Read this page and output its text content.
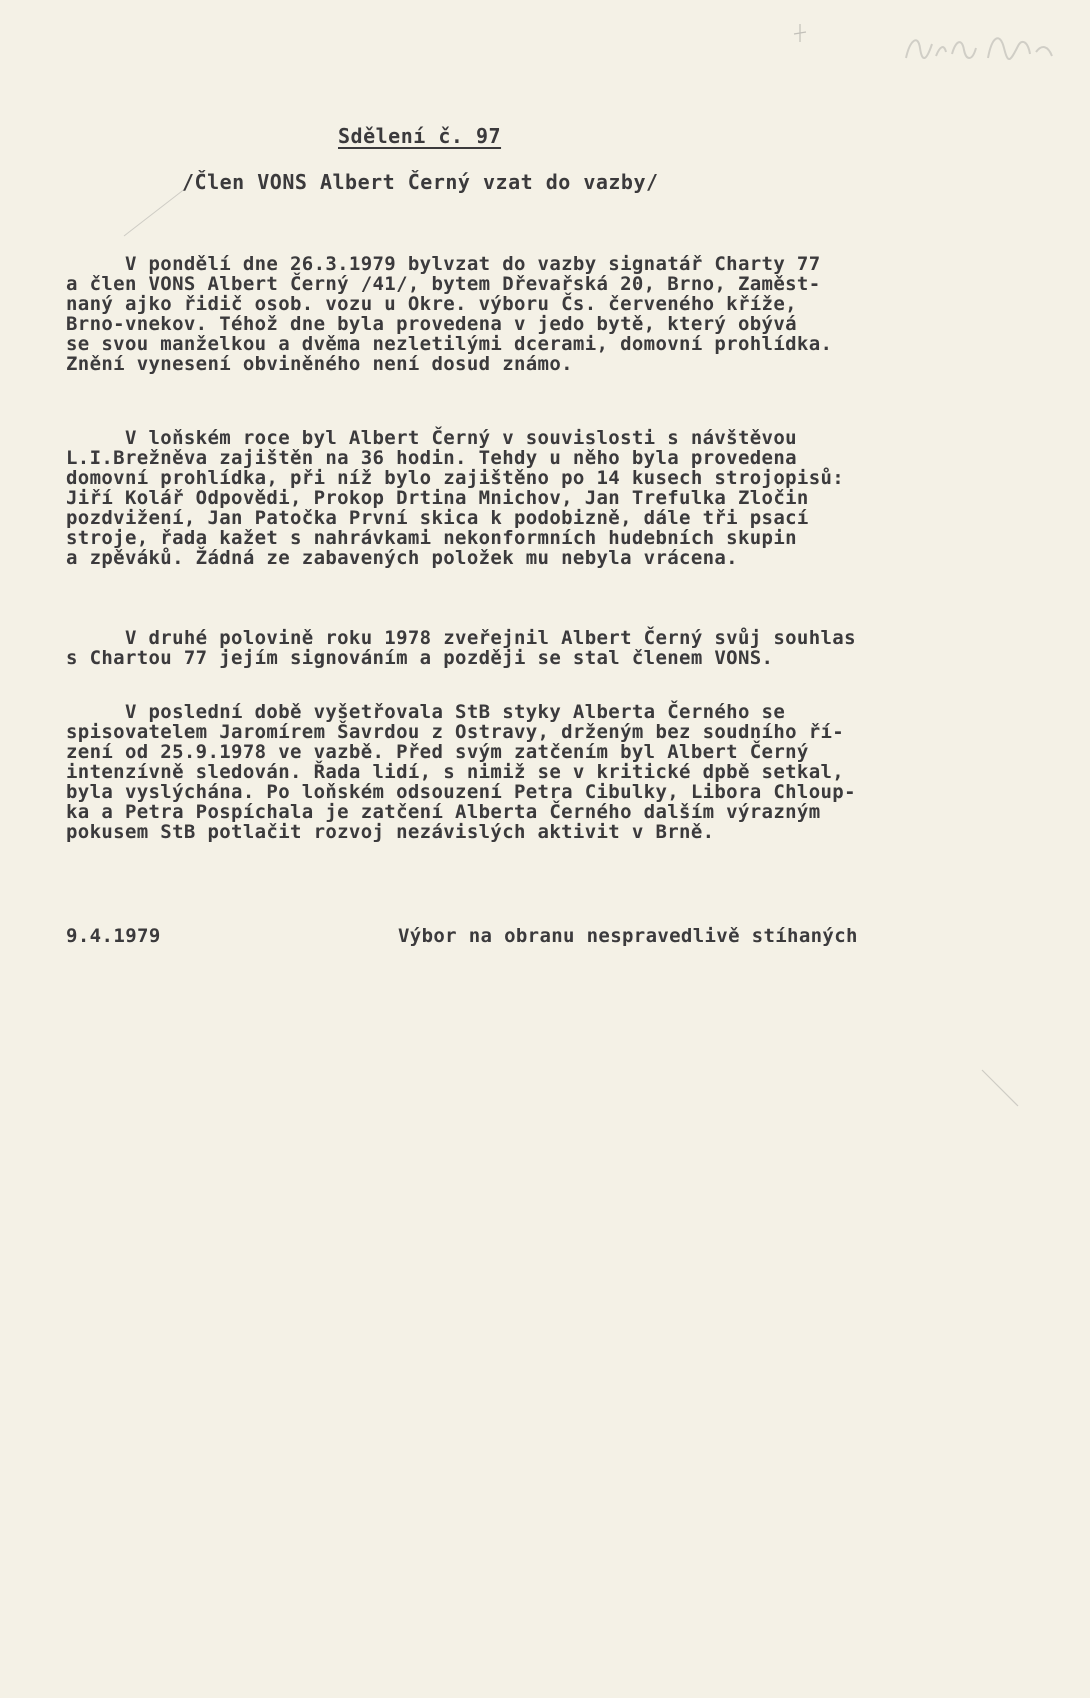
Sdělení č. 97
/Člen VONS Albert Černý vzat do vazby/
V pondělí dne 26.3.1979 bylvzat do vazby signatář Charty 77
a člen VONS Albert Černý /41/, bytem Dřevařská 20, Brno, Zaměst-
naný ajko řidič osob. vozu u Okre. výboru Čs. červeného kříže,
Brno-vnekov. Téhož dne byla provedena v jedo bytě, který obývá
se svou manželkou a dvěma nezletilými dcerami, domovní prohlídka.
Znění vynesení obviněného není dosud známo.
V loňském roce byl Albert Černý v souvislosti s návštěvou
L.I.Brežněva zajištěn na 36 hodin. Tehdy u něho byla provedena
domovní prohlídka, při níž bylo zajištěno po 14 kusech strojopisů:
Jiří Kolář Odpovědi, Prokop Drtina Mnichov, Jan Trefulka Zločin
pozdvižení, Jan Patočka První skica k podobizně, dále tři psací
stroje, řada kažet s nahrávkami nekonformních hudebních skupin
a zpěváků. Žádná ze zabavených položek mu nebyla vrácena.
V druhé polovině roku 1978 zveřejnil Albert Černý svůj souhlas
s Chartou 77 jejím signováním a později se stal členem VONS.
V poslední době vyšetřovala StB styky Alberta Černého se
spisovatelem Jaromírem Šavrdou z Ostravy, drženým bez soudního ří-
zení od 25.9.1978 ve vazbě. Před svým zatčením byl Albert Černý
intenzívně sledován. Řada lidí, s nimiž se v kritické dpbě setkal,
byla vyslýchána. Po loňském odsouzení Petra Cibulky, Libora Chloup-
ka a Petra Pospíchala je zatčení Alberta Černého dalším výrazným
pokusem StB potlačit rozvoj nezávislých aktivit v Brně.
9.4.1979	Výbor na obranu nespravedlivě stíhaných
